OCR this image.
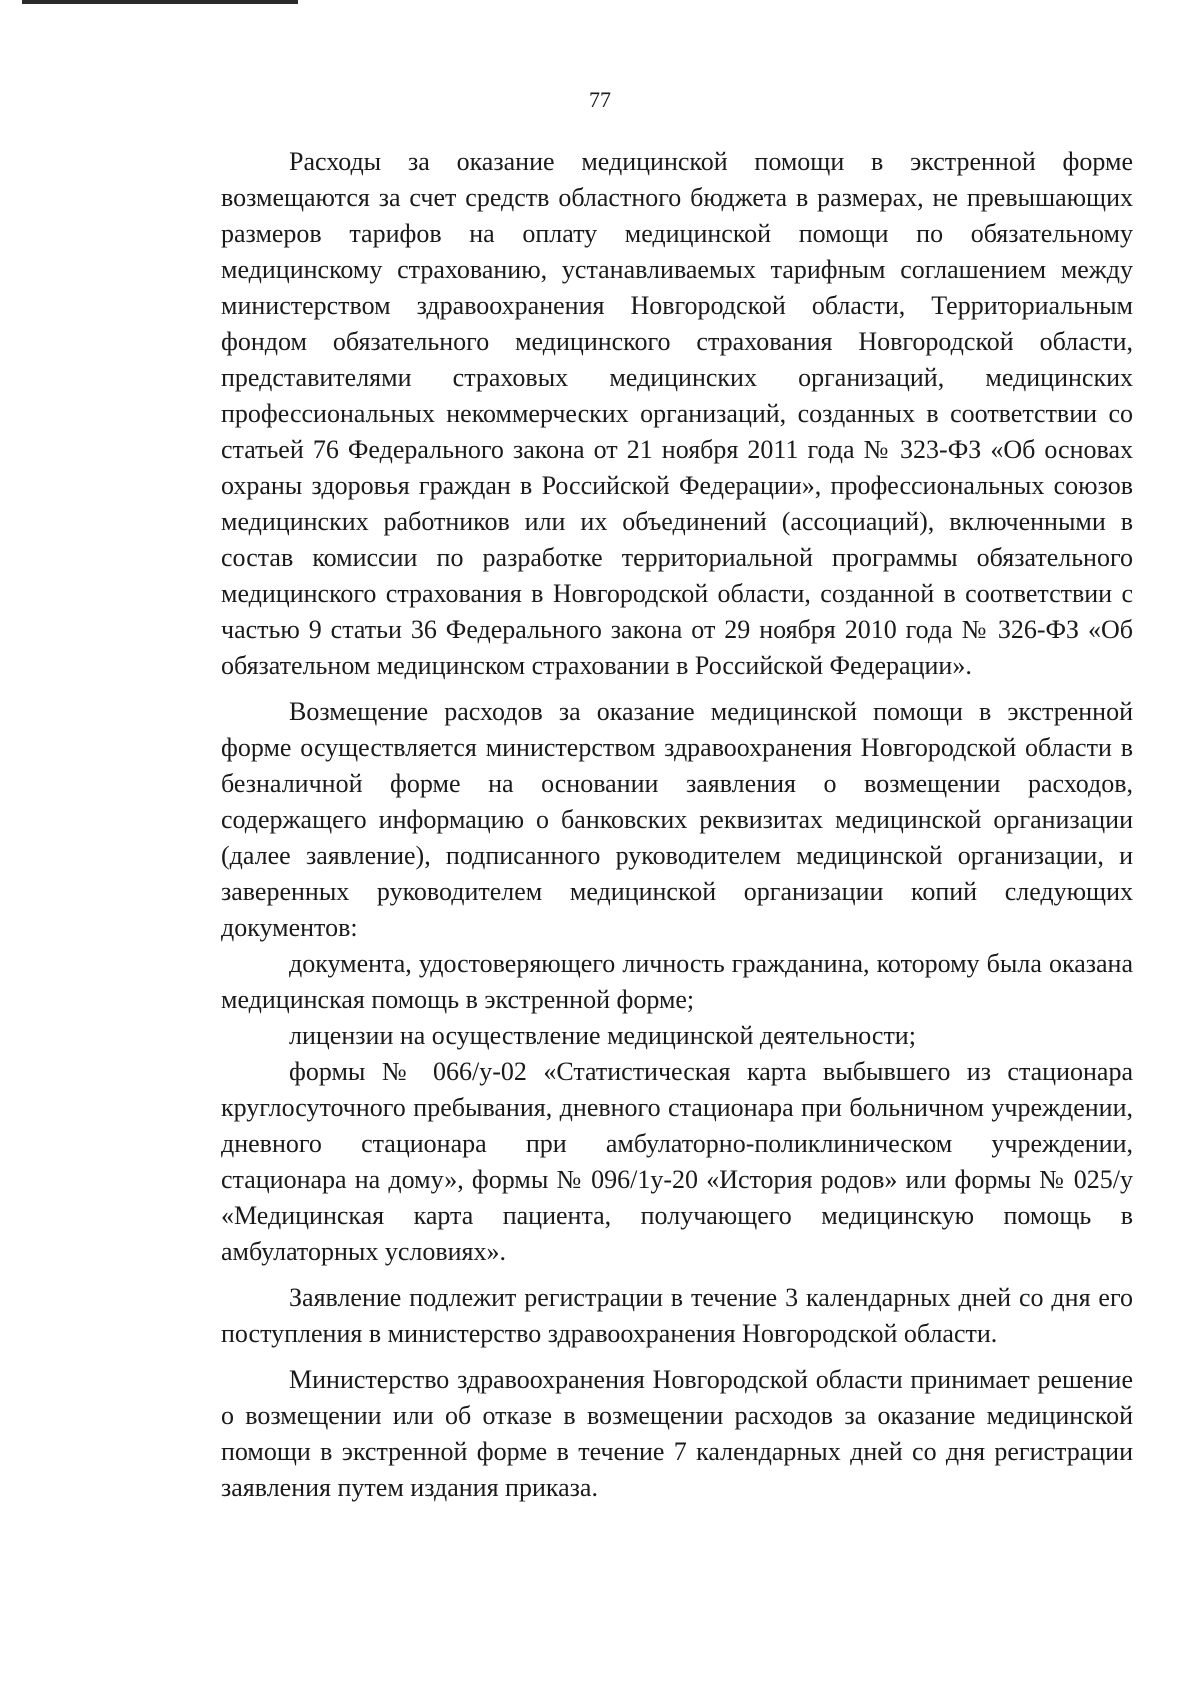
77

Расходы за оказание медицинской помощи в экстренной форме возмещаются за счет средств областного бюджета в размерах, не превышающих размеров тарифов на оплату медицинской помощи по обязательному медицинскому страхованию, устанавливаемых тарифным соглашением между министерством здравоохранения Новгородской области, Территориальным фондом обязательного медицинского страхования Новгородской области, представителями страховых медицинских организаций, медицинских профессиональных некоммерческих организаций, созданных в соответствии со статьей 76 Федерального закона от 21 ноября 2011 года № 323-ФЗ «Об основах охраны здоровья граждан в Российской Федерации», профессиональных союзов медицинских работников или их объединений (ассоциаций), включенными в состав комиссии по разработке территориальной программы обязательного медицинского страхования в Новгородской области, созданной в соответствии с частью 9 статьи 36 Федерального закона от 29 ноября 2010 года № 326-ФЗ «Об обязательном медицинском страховании в Российской Федерации».

Возмещение расходов за оказание медицинской помощи в экстренной форме осуществляется министерством здравоохранения Новгородской области в безналичной форме на основании заявления о возмещении расходов, содержащего информацию о банковских реквизитах медицинской организации (далее заявление), подписанного руководителем медицинской организации, и заверенных руководителем медицинской организации копий следующих документов:

документа, удостоверяющего личность гражданина, которому была оказана медицинская помощь в экстренной форме;

лицензии на осуществление медицинской деятельности;

формы № 066/у-02 «Статистическая карта выбывшего из стационара круглосуточного пребывания, дневного стационара при больничном учреждении, дневного стационара при амбулаторно-поликлиническом учреждении, стационара на дому», формы № 096/1у-20 «История родов» или формы № 025/у «Медицинская карта пациента, получающего медицинскую помощь в амбулаторных условиях».

Заявление подлежит регистрации в течение 3 календарных дней со дня его поступления в министерство здравоохранения Новгородской области.

Министерство здравоохранения Новгородской области принимает решение о возмещении или об отказе в возмещении расходов за оказание медицинской помощи в экстренной форме в течение 7 календарных дней со дня регистрации заявления путем издания приказа.
